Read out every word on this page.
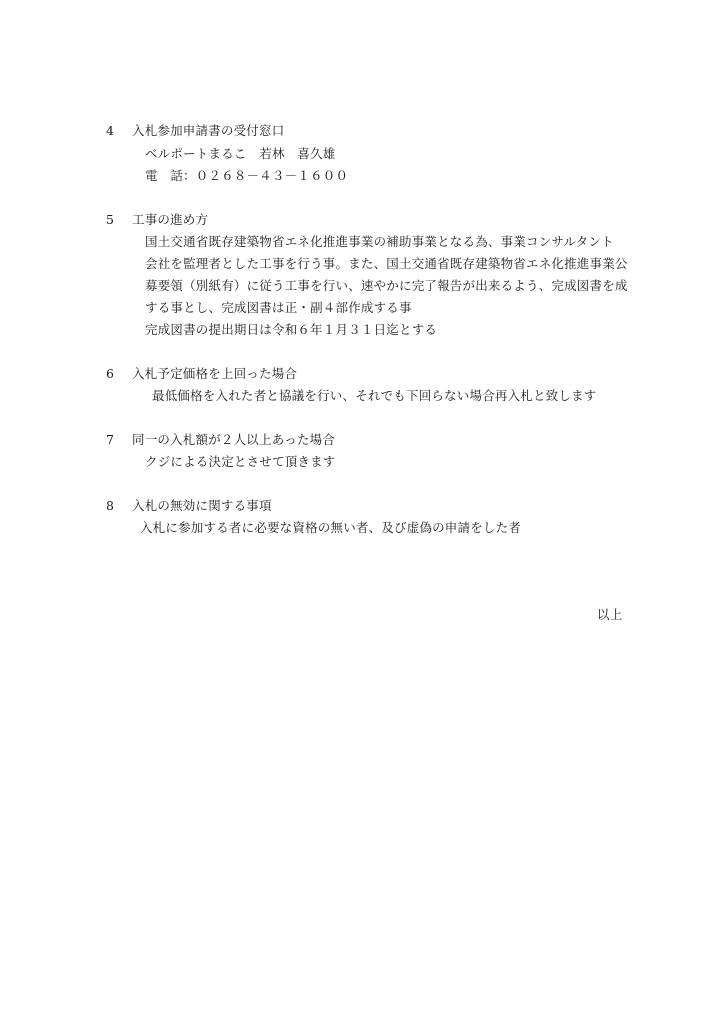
4 入札参加申請書の受付窓口
ベルポートまるこ　若林　喜久雄
電　話：０２６８－４３－１６００
5 工事の進め方
国土交通省既存建築物省エネ化推進事業の補助事業となる為、事業コンサルタント
会社を監理者とした工事を行う事。また、国土交通省既存建築物省エネ化推進事業公
募要領（別紙有）に従う工事を行い、速やかに完了報告が出来るよう、完成図書を成
する事とし、完成図書は正・副４部作成する事
完成図書の提出期日は令和６年１月３１日迄とする
6 入札予定価格を上回った場合
最低価格を入れた者と協議を行い、それでも下回らない場合再入札と致します
7 同一の入札額が２人以上あった場合
クジによる決定とさせて頂きます
8 入札の無効に関する事項
入札に参加する者に必要な資格の無い者、及び虚偽の申請をした者
以上
